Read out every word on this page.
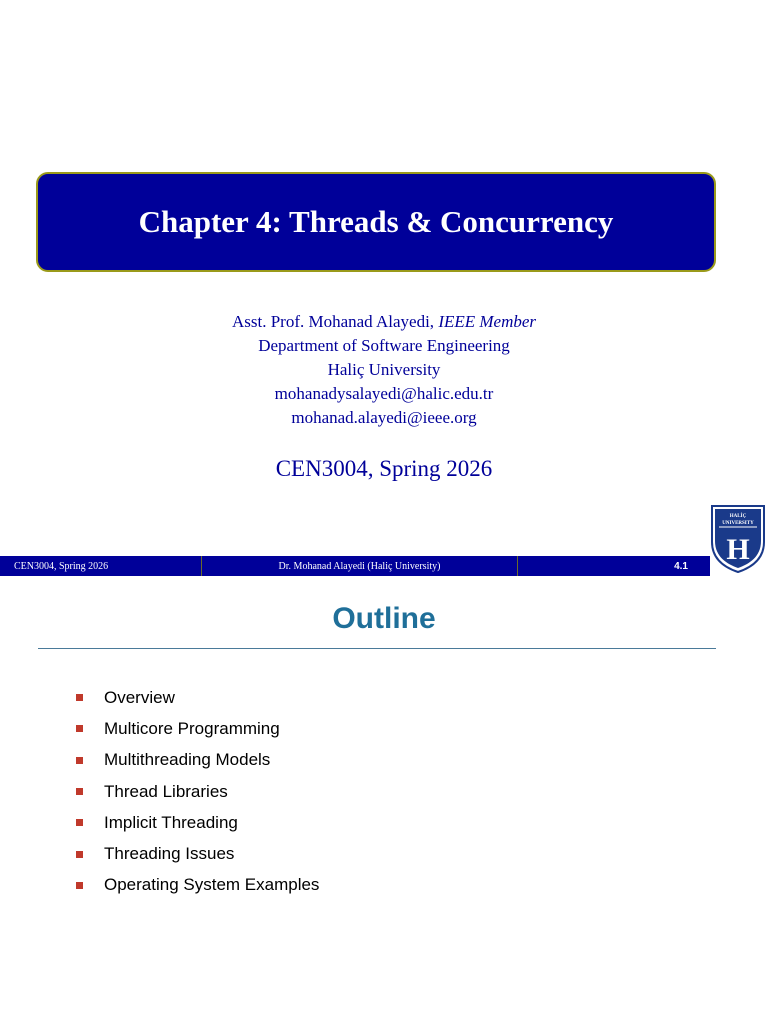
Chapter 4: Threads & Concurrency
Asst. Prof. Mohanad Alayedi, IEEE Member
Department of Software Engineering
Haliç University
mohanadysalayedi@halic.edu.tr
mohanad.alayedi@ieee.org
CEN3004, Spring 2026
HALİÇ
UNIVERSITY
H
CEN3004, Spring 2026	Dr. Mohanad Alayedi (Haliç University)	4.1
Outline
Overview
Multicore Programming
Multithreading Models
Thread Libraries
Implicit Threading
Threading Issues
Operating System Examples
